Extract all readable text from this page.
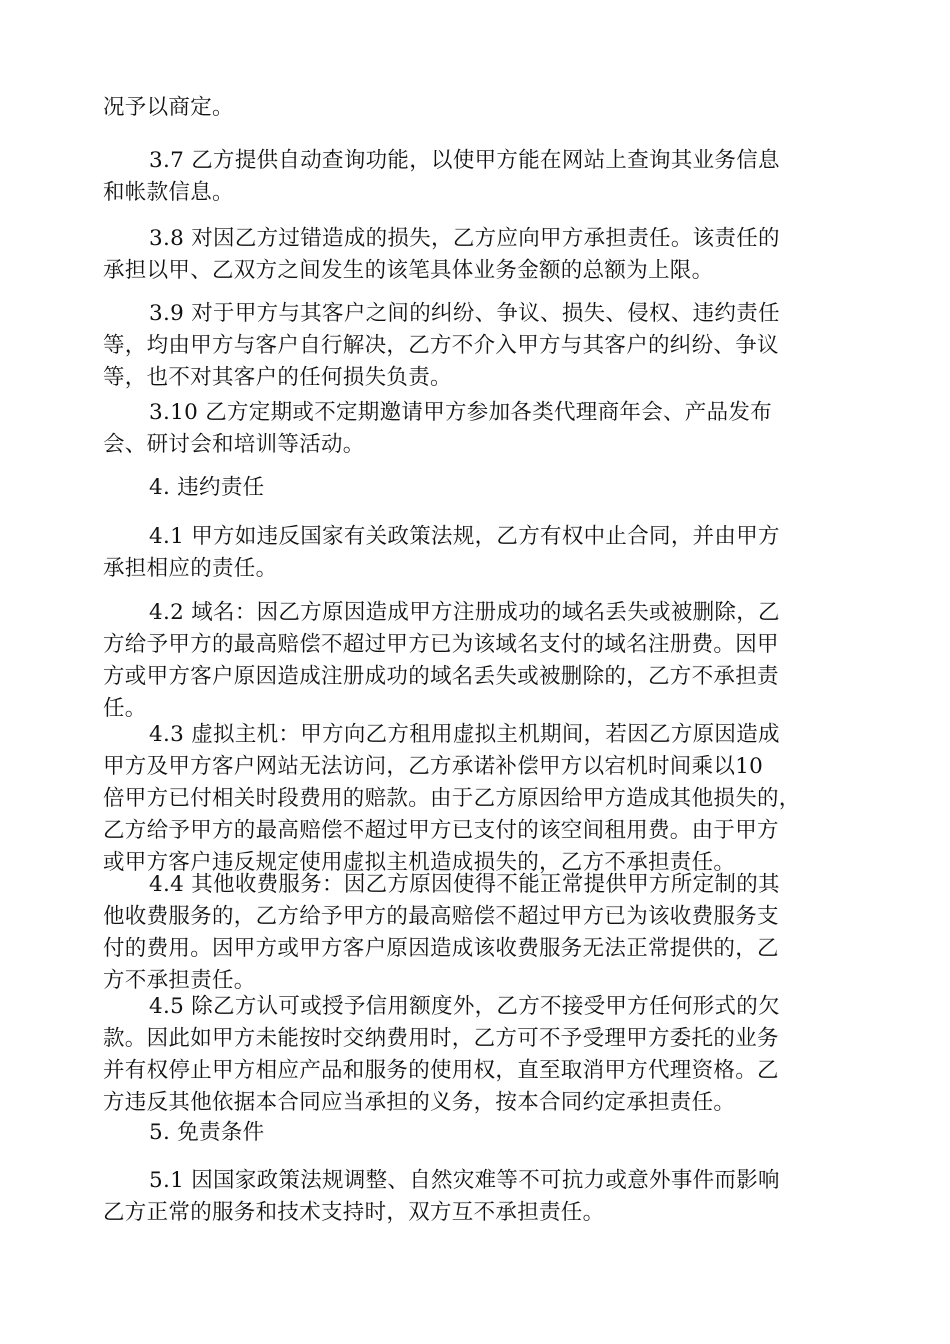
况予以商定。
3.7 乙方提供自动查询功能，以使甲方能在网站上查询其业务信息
和帐款信息。
3.8 对因乙方过错造成的损失，乙方应向甲方承担责任。该责任的
承担以甲、乙双方之间发生的该笔具体业务金额的总额为上限。
3.9 对于甲方与其客户之间的纠纷、争议、损失、侵权、违约责任
等，均由甲方与客户自行解决，乙方不介入甲方与其客户的纠纷、争议
等，也不对其客户的任何损失负责。
3.10 乙方定期或不定期邀请甲方参加各类代理商年会、产品发布
会、研讨会和培训等活动。
4. 违约责任
4.1 甲方如违反国家有关政策法规，乙方有权中止合同，并由甲方
承担相应的责任。
4.2 域名：因乙方原因造成甲方注册成功的域名丢失或被删除，乙
方给予甲方的最高赔偿不超过甲方已为该域名支付的域名注册费。因甲
方或甲方客户原因造成注册成功的域名丢失或被删除的，乙方不承担责
任。
4.3 虚拟主机：甲方向乙方租用虚拟主机期间，若因乙方原因造成
甲方及甲方客户网站无法访问，乙方承诺补偿甲方以宕机时间乘以10
倍甲方已付相关时段费用的赔款。由于乙方原因给甲方造成其他损失的，
乙方给予甲方的最高赔偿不超过甲方已支付的该空间租用费。由于甲方
或甲方客户违反规定使用虚拟主机造成损失的，乙方不承担责任。
4.4 其他收费服务：因乙方原因使得不能正常提供甲方所定制的其
他收费服务的，乙方给予甲方的最高赔偿不超过甲方已为该收费服务支
付的费用。因甲方或甲方客户原因造成该收费服务无法正常提供的，乙
方不承担责任。
4.5 除乙方认可或授予信用额度外，乙方不接受甲方任何形式的欠
款。因此如甲方未能按时交纳费用时，乙方可不予受理甲方委托的业务
并有权停止甲方相应产品和服务的使用权，直至取消甲方代理资格。乙
方违反其他依据本合同应当承担的义务，按本合同约定承担责任。
5. 免责条件
5.1 因国家政策法规调整、自然灾难等不可抗力或意外事件而影响
乙方正常的服务和技术支持时，双方互不承担责任。
